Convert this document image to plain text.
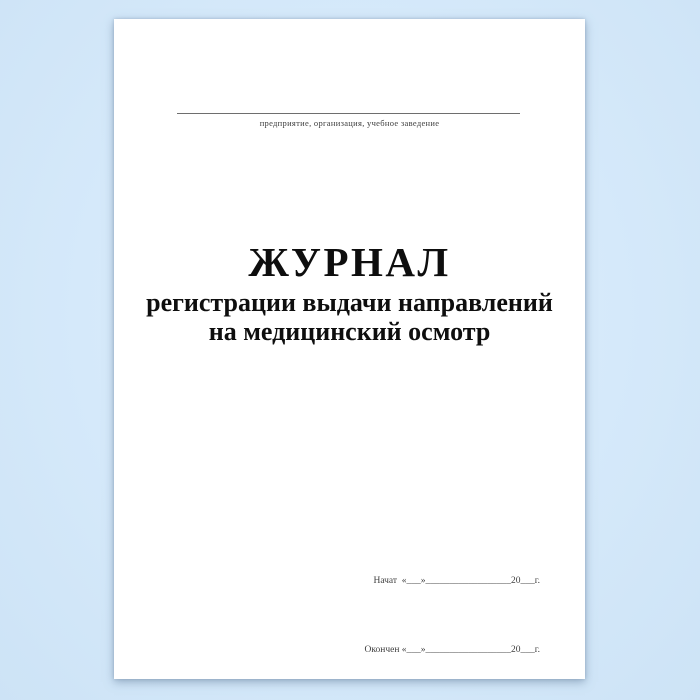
предприятие, организация, учебное заведение
ЖУРНАЛ
регистрации выдачи направлений
на медицинский осмотр

Начат  «___»__________________20___г.

Окончен «___»__________________20___г.
